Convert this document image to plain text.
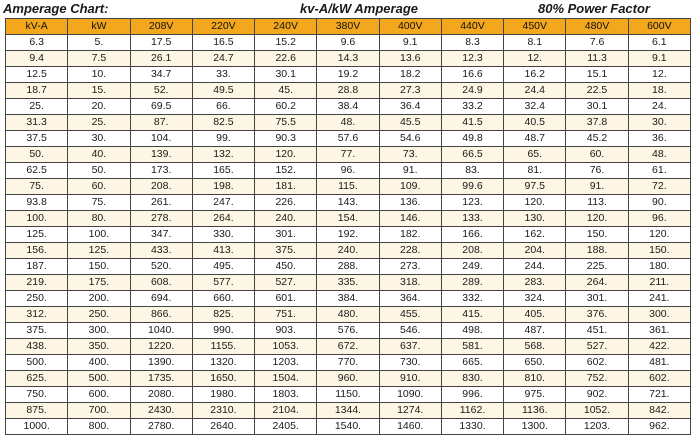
Amperage Chart:	kv-A/kW Amperage	80% Power Factor
kV-A	kW	208V	220V	240V	380V	400V	440V	450V	480V	600V
6.3	5.	17.5	16.5	15.2	9.6	9.1	8.3	8.1	7.6	6.1
9.4	7.5	26.1	24.7	22.6	14.3	13.6	12.3	12.	11.3	9.1
12.5	10.	34.7	33.	30.1	19.2	18.2	16.6	16.2	15.1	12.
18.7	15.	52.	49.5	45.	28.8	27.3	24.9	24.4	22.5	18.
25.	20.	69.5	66.	60.2	38.4	36.4	33.2	32.4	30.1	24.
31.3	25.	87.	82.5	75.5	48.	45.5	41.5	40.5	37.8	30.
37.5	30.	104.	99.	90.3	57.6	54.6	49.8	48.7	45.2	36.
50.	40.	139.	132.	120.	77.	73.	66.5	65.	60.	48.
62.5	50.	173.	165.	152.	96.	91.	83.	81.	76.	61.
75.	60.	208.	198.	181.	115.	109.	99.6	97.5	91.	72.
93.8	75.	261.	247.	226.	143.	136.	123.	120.	113.	90.
100.	80.	278.	264.	240.	154.	146.	133.	130.	120.	96.
125.	100.	347.	330.	301.	192.	182.	166.	162.	150.	120.
156.	125.	433.	413.	375.	240.	228.	208.	204.	188.	150.
187.	150.	520.	495.	450.	288.	273.	249.	244.	225.	180.
219.	175.	608.	577.	527.	335.	318.	289.	283.	264.	211.
250.	200.	694.	660.	601.	384.	364.	332.	324.	301.	241.
312.	250.	866.	825.	751.	480.	455.	415.	405.	376.	300.
375.	300.	1040.	990.	903.	576.	546.	498.	487.	451.	361.
438.	350.	1220.	1155.	1053.	672.	637.	581.	568.	527.	422.
500.	400.	1390.	1320.	1203.	770.	730.	665.	650.	602.	481.
625.	500.	1735.	1650.	1504.	960.	910.	830.	810.	752.	602.
750.	600.	2080.	1980.	1803.	1150.	1090.	996.	975.	902.	721.
875.	700.	2430.	2310.	2104.	1344.	1274.	1162.	1136.	1052.	842.
1000.	800.	2780.	2640.	2405.	1540.	1460.	1330.	1300.	1203.	962.
